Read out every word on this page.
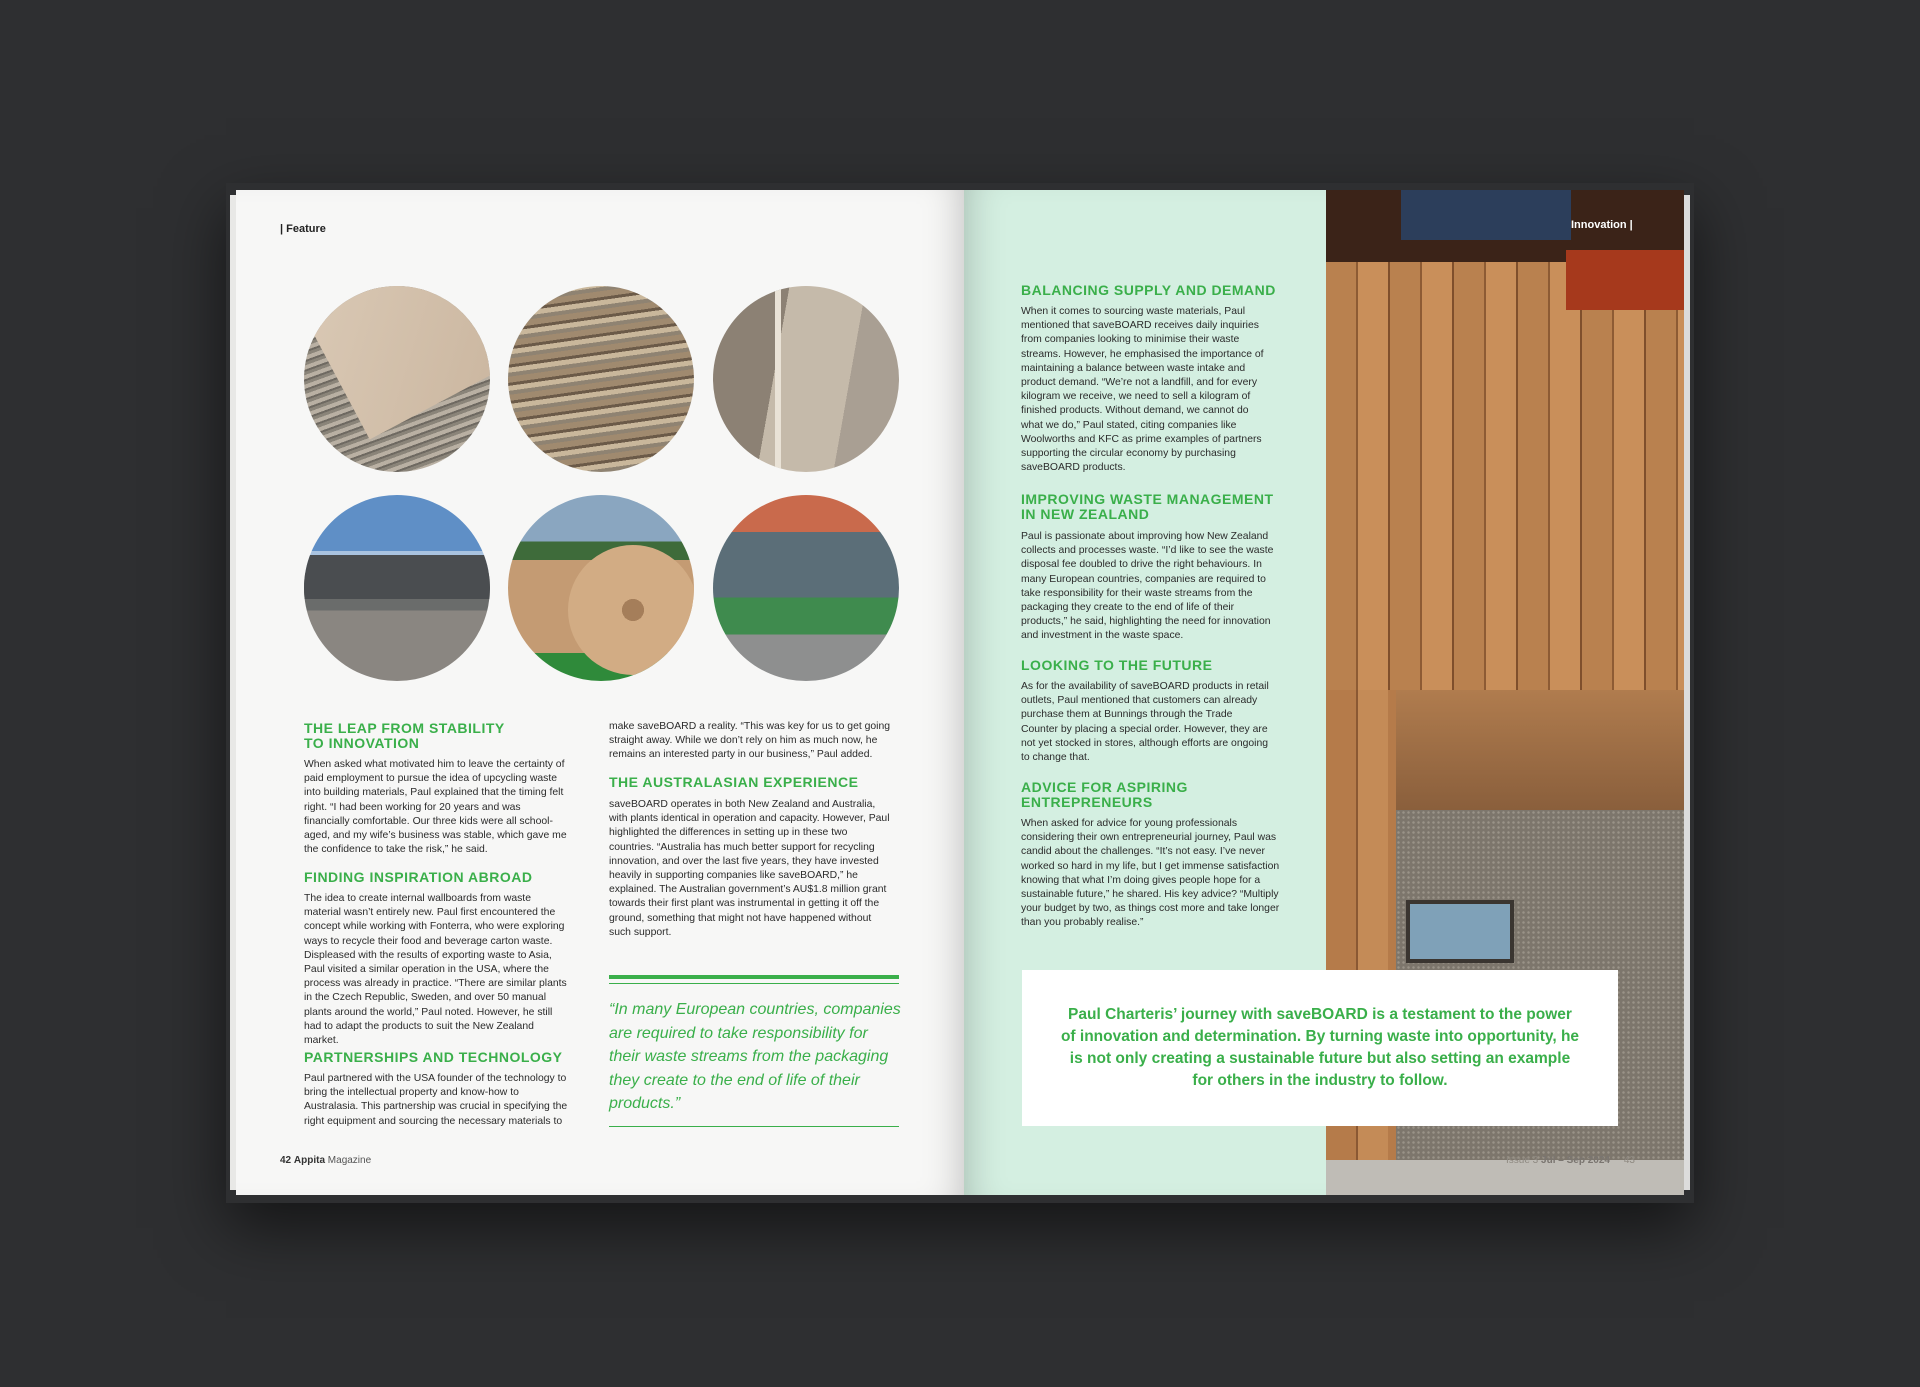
| Feature
THE LEAP FROM STABILITY
TO INNOVATION

When asked what motivated him to leave the certainty of paid employment to pursue the idea of upcycling waste into building materials, Paul explained that the timing felt right. “I had been working for 20 years and was financially comfortable. Our three kids were all school-aged, and my wife’s business was stable, which gave me the confidence to take the risk,” he said.

FINDING INSPIRATION ABROAD

The idea to create internal wallboards from waste material wasn’t entirely new. Paul first encountered the concept while working with Fonterra, who were exploring ways to recycle their food and beverage carton waste. Displeased with the results of exporting waste to Asia, Paul visited a similar operation in the USA, where the process was already in practice. “There are similar plants in the Czech Republic, Sweden, and over 50 manual plants around the world,” Paul noted. However, he still had to adapt the products to suit the New Zealand market.

PARTNERSHIPS AND TECHNOLOGY

Paul partnered with the USA founder of the technology to bring the intellectual property and know-how to Australasia. This partnership was crucial in specifying the right equipment and sourcing the necessary materials to

make saveBOARD a reality. “This was key for us to get going straight away. While we don’t rely on him as much now, he remains an interested party in our business,” Paul added.

THE AUSTRALASIAN EXPERIENCE

saveBOARD operates in both New Zealand and Australia, with plants identical in operation and capacity. However, Paul highlighted the differences in setting up in these two countries. “Australia has much better support for recycling innovation, and over the last five years, they have invested heavily in supporting companies like saveBOARD,” he explained. The Australian government’s AU$1.8 million grant towards their first plant was instrumental in getting it off the ground, something that might not have happened without such support.

“In many European countries, companies are required to take responsibility for their waste streams from the packaging they create to the end of life of their products.”
42 Appita Magazine
BALANCING SUPPLY AND DEMAND

When it comes to sourcing waste materials, Paul mentioned that saveBOARD receives daily inquiries from companies looking to minimise their waste streams. However, he emphasised the importance of maintaining a balance between waste intake and product demand. “We’re not a landfill, and for every kilogram we receive, we need to sell a kilogram of finished products. Without demand, we cannot do what we do,” Paul stated, citing companies like Woolworths and KFC as prime examples of partners supporting the circular economy by purchasing saveBOARD products.

IMPROVING WASTE MANAGEMENT
IN NEW ZEALAND

Paul is passionate about improving how New Zealand collects and processes waste. “I’d like to see the waste disposal fee doubled to drive the right behaviours. In many European countries, companies are required to take responsibility for their waste streams from the packaging they create to the end of life of their products,” he said, highlighting the need for innovation and investment in the waste space.

LOOKING TO THE FUTURE

As for the availability of saveBOARD products in retail outlets, Paul mentioned that customers can already purchase them at Bunnings through the Trade Counter by placing a special order. However, they are not yet stocked in stores, although efforts are ongoing to change that.

ADVICE FOR ASPIRING
ENTREPRENEURS

When asked for advice for young professionals considering their own entrepreneurial journey, Paul was candid about the challenges. “It’s not easy. I’ve never worked so hard in my life, but I get immense satisfaction knowing that what I’m doing gives people hope for a sustainable future,” he shared. His key advice? “Multiply your budget by two, as things cost more and take longer than you probably realise.”

Innovation |
Issue 3 Jul – Sep 2024 43

Paul Charteris’ journey with saveBOARD is a testament to the power of innovation and determination. By turning waste into opportunity, he is not only creating a sustainable future but also setting an example for others in the industry to follow.
